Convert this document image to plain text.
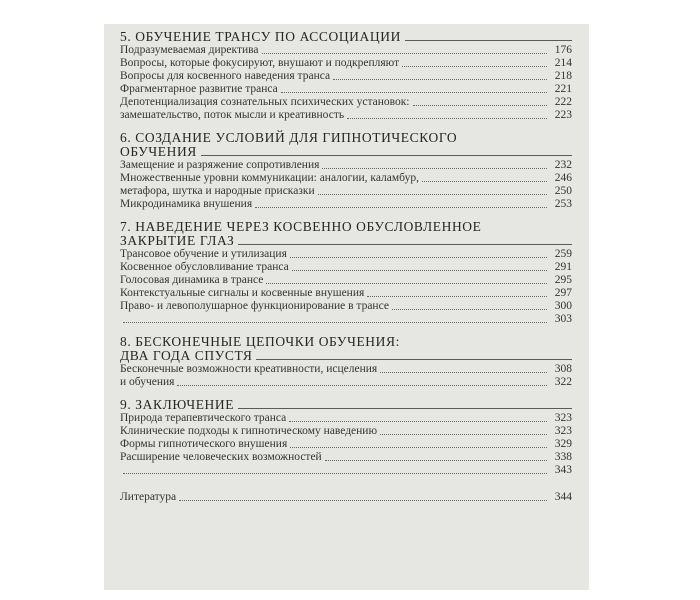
5. ОБУЧЕНИЕ ТРАНСУ ПО АССОЦИАЦИИ
Подразумеваемая директива	176
Вопросы, которые фокусируют, внушают и подкрепляют	214
Вопросы для косвенного наведения транса	218
Фрагментарное развитие транса	221
Депотенциализация сознательных психических установок:	222
замешательство, поток мысли и креативность	223
6. СОЗДАНИЕ УСЛОВИЙ ДЛЯ ГИПНОТИЧЕСКОГО
ОБУЧЕНИЯ
Замещение и разряжение сопротивления	232
Множественные уровни коммуникации: аналогии, каламбур,	246
метафора, шутка и народные присказки	250
Микродинамика внушения	253
7. НАВЕДЕНИЕ ЧЕРЕЗ КОСВЕННО ОБУСЛОВЛЕННОЕ
ЗАКРЫТИЕ ГЛАЗ
Трансовое обучение и утилизация	259
Косвенное обусловливание транса	291
Голосовая динамика в трансе	295
Контекстуальные сигналы и косвенные внушения	297
Право- и левополушарное функционирование в трансе	300
303
8. БЕСКОНЕЧНЫЕ ЦЕПОЧКИ ОБУЧЕНИЯ:
ДВА ГОДА СПУСТЯ
Бесконечные возможности креативности, исцеления	308
и обучения	322
9. ЗАКЛЮЧЕНИЕ
Природа терапевтического транса	323
Клинические подходы к гипнотическому наведению	323
Формы гипнотического внушения	329
Расширение человеческих возможностей	338
343
Литература	344
